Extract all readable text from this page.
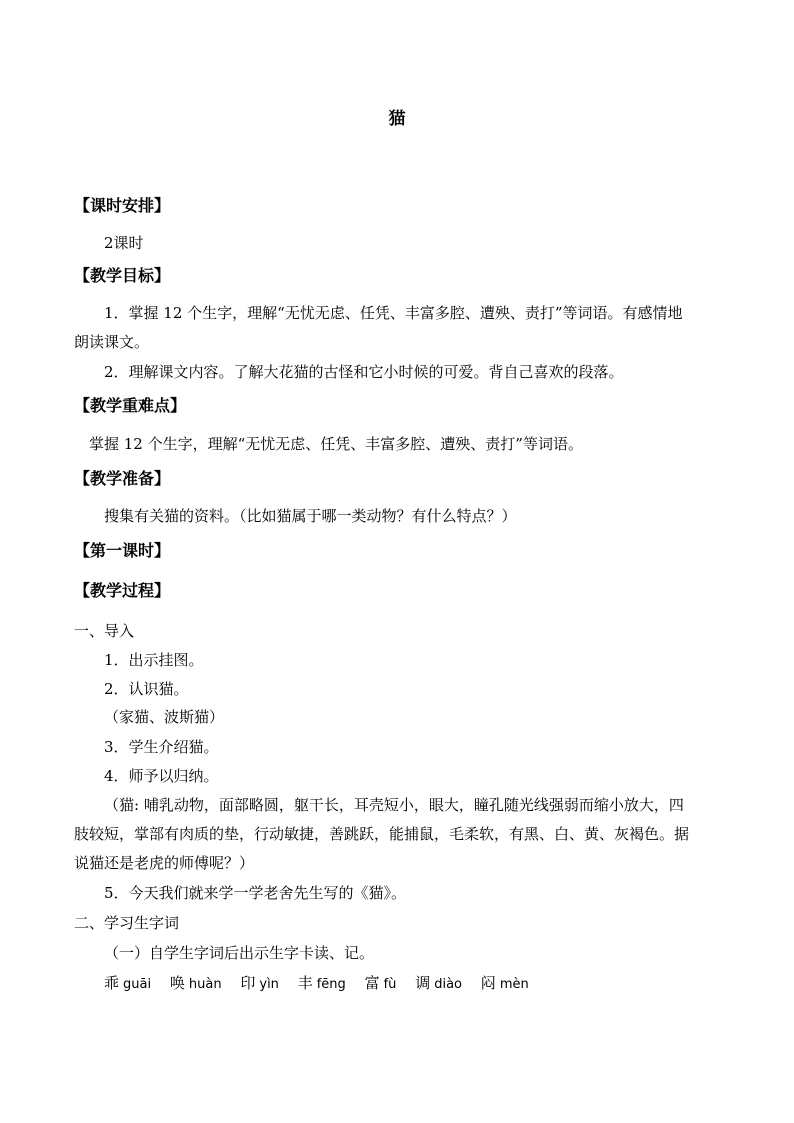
猫
【课时安排】
2课时
【教学目标】
1．掌握 12 个生字，理解“无忧无虑、任凭、丰富多腔、遭殃、责打”等词语。有感情地
朗读课文。
2．理解课文内容。了解大花猫的古怪和它小时候的可爱。背自己喜欢的段落。
【教学重难点】
掌握 12 个生字，理解“无忧无虑、任凭、丰富多腔、遭殃、责打”等词语。
【教学准备】
搜集有关猫的资料。（比如猫属于哪一类动物？有什么特点？）
【第一课时】
【教学过程】
一、导入
1．出示挂图。
2．认识猫。
（家猫、波斯猫）
3．学生介绍猫。
4．师予以归纳。
（猫: 哺乳动物，面部略圆，躯干长，耳壳短小，眼大，瞳孔随光线强弱而缩小放大，四
肢较短，掌部有肉质的垫，行动敏捷，善跳跃，能捕鼠，毛柔软，有黑、白、黄、灰褐色。据
说猫还是老虎的师傅呢？）
5．今天我们就来学一学老舍先生写的《猫》。
二、学习生字词
（一）自学生字词后出示生字卡读、记。
乖 guāi 唤 huàn 印 yìn 丰 fēng 富 fù 调 diào 闷 mèn
